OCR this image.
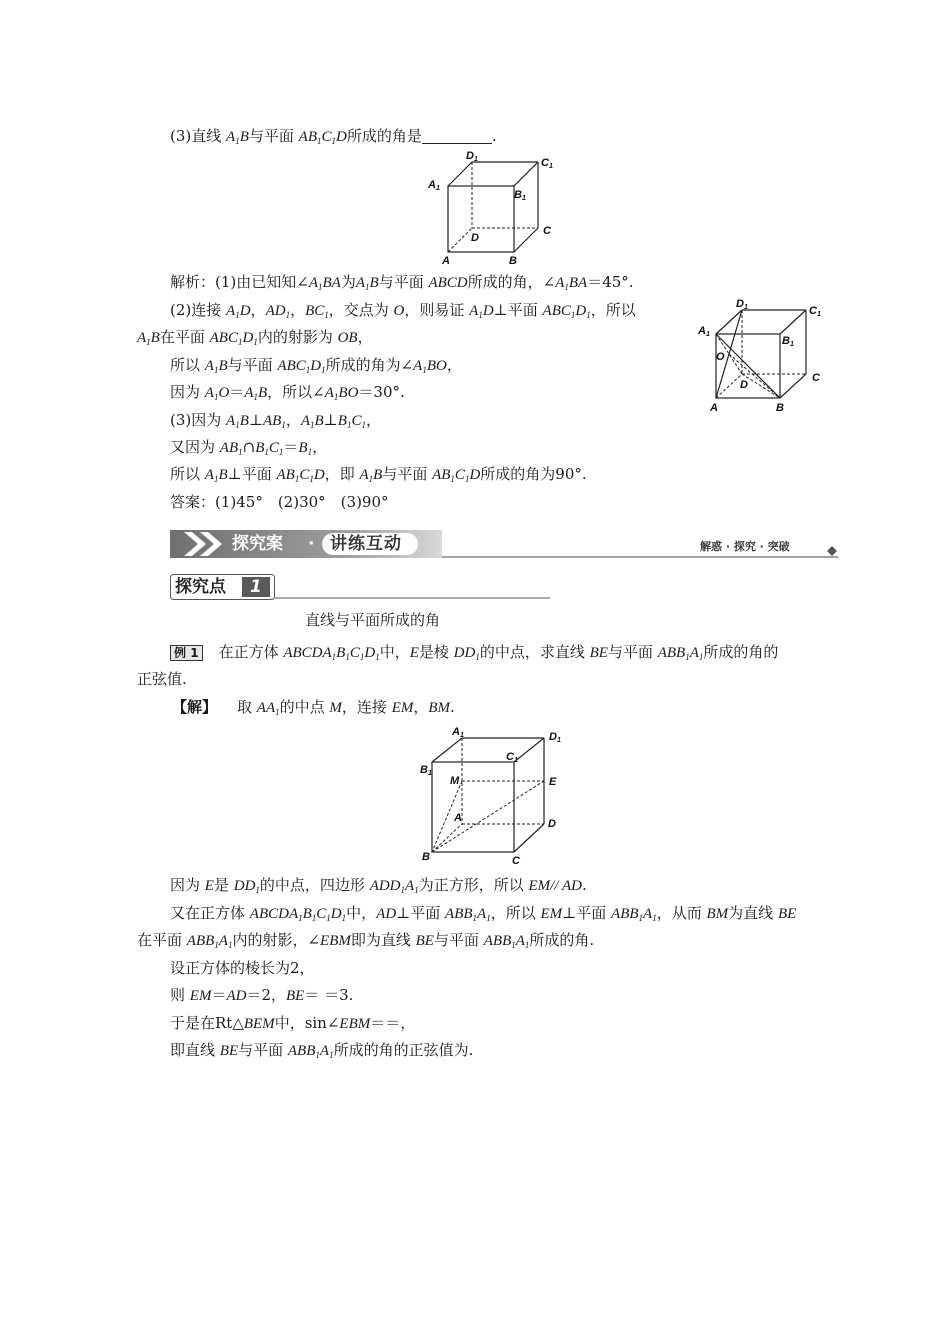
(3)直线 $A_1B$与平面 $AB_1C_1D$所成的角是	.
D1	C1
A1
B1
D
C
A	B
解析：(1)由已知知$\angle A_1BA$为$A_1B$与平面 ABCD所成的角，$\angle A_1BA=45^\circ$.
(2)连接 $A_1D$，$AD_1$，$BC_1$，交点为 O，则易证 $A_1D\perp$平面 $ABC_1D_1$，所以
$A_1B$在平面 $ABC_1D_1$内的射影为 OB，
所以 $A_1B$与平面 $ABC_1D_1$所成的角为$\angle A_1BO$，
因为 $A_1O=A_1B$，所以$\angle A_1BO=30^\circ$.
(3)因为 $A_1B\perp AB_1$，$A_1B\perp B_1C_1$，
又因为 $AB_1\cap B_1C_1=B_1$，
所以 $A_1B\perp$平面 $AB_1C_1D$，即 $A_1B$与平面 $AB_1C_1D$所成的角为90°.
答案：(1)45°　(2)30°　(3)90°
D1	C1
A1
B1
O
D
C
A	B
探究案 · 讲练互动	解惑 · 探究 · 突破
探究点 1
直线与平面所成的角
例 1 在正方体 $ABCDA_1B_1C_1D_1$中，E是棱 $DD_1$的中点，求直线 BE与平面 $ABB_1A_1$所成的角的
正弦值.
【解】 取 $AA_1$的中点 M，连接 EM，BM.
A1	D1
C1
B1
M	E
A	D
B	C
因为 E是 $DD_1$的中点，四边形 $ADD_1A_1$为正方形，所以 EM// AD.
又在正方体 $ABCDA_1B_1C_1D_1$中，AD⊥平面 $ABB_1A_1$，所以 EM⊥平面 $ABB_1A_1$，从而 BM为直线 BE
在平面 $ABB_1A_1$内的射影，∠EBM即为直线 BE与平面 $ABB_1A_1$所成的角.
设正方体的棱长为2，
则 EM＝AD＝2，BE＝ ＝3.
于是在Rt△BEM中，sin∠EBM＝＝，
即直线 BE与平面 $ABB_1A_1$所成的角的正弦值为.
